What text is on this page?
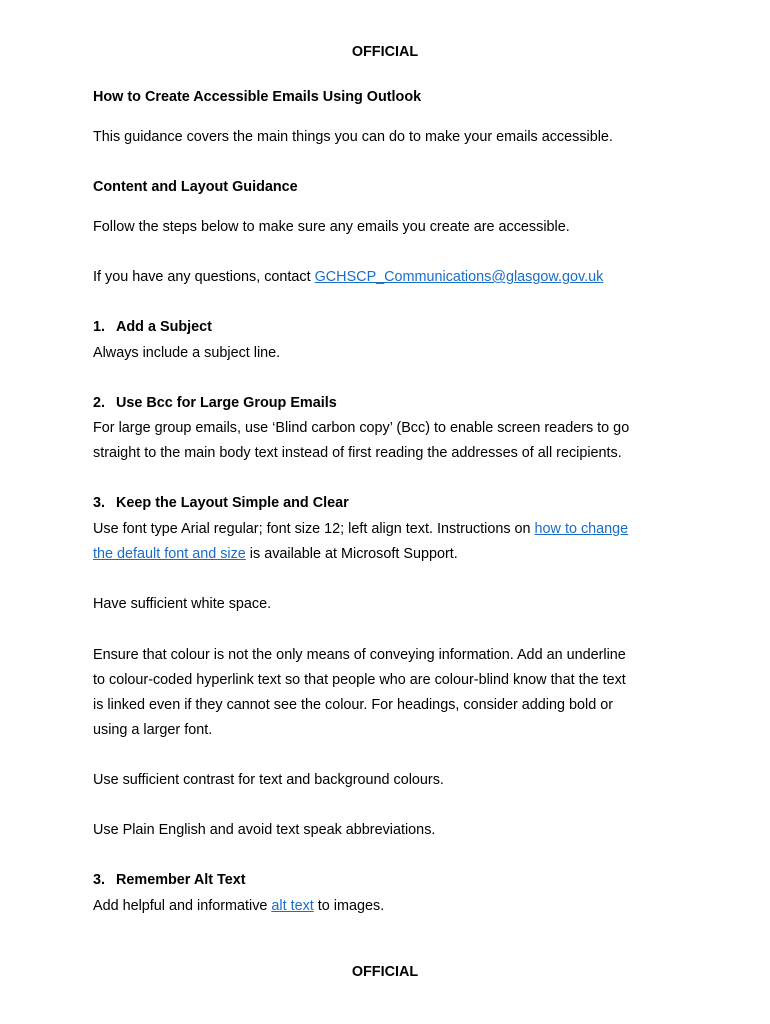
OFFICIAL
How to Create Accessible Emails Using Outlook
This guidance covers the main things you can do to make your emails accessible.
Content and Layout Guidance
Follow the steps below to make sure any emails you create are accessible.
If you have any questions, contact GCHSCP_Communications@glasgow.gov.uk
1. Add a Subject
Always include a subject line.
2. Use Bcc for Large Group Emails
For large group emails, use ‘Blind carbon copy’ (Bcc) to enable screen readers to go
straight to the main body text instead of first reading the addresses of all recipients.
3. Keep the Layout Simple and Clear
Use font type Arial regular; font size 12; left align text. Instructions on how to change
the default font and size is available at Microsoft Support.
Have sufficient white space.
Ensure that colour is not the only means of conveying information. Add an underline
to colour-coded hyperlink text so that people who are colour-blind know that the text
is linked even if they cannot see the colour. For headings, consider adding bold or
using a larger font.
Use sufficient contrast for text and background colours.
Use Plain English and avoid text speak abbreviations.
3. Remember Alt Text
Add helpful and informative alt text to images.
OFFICIAL
